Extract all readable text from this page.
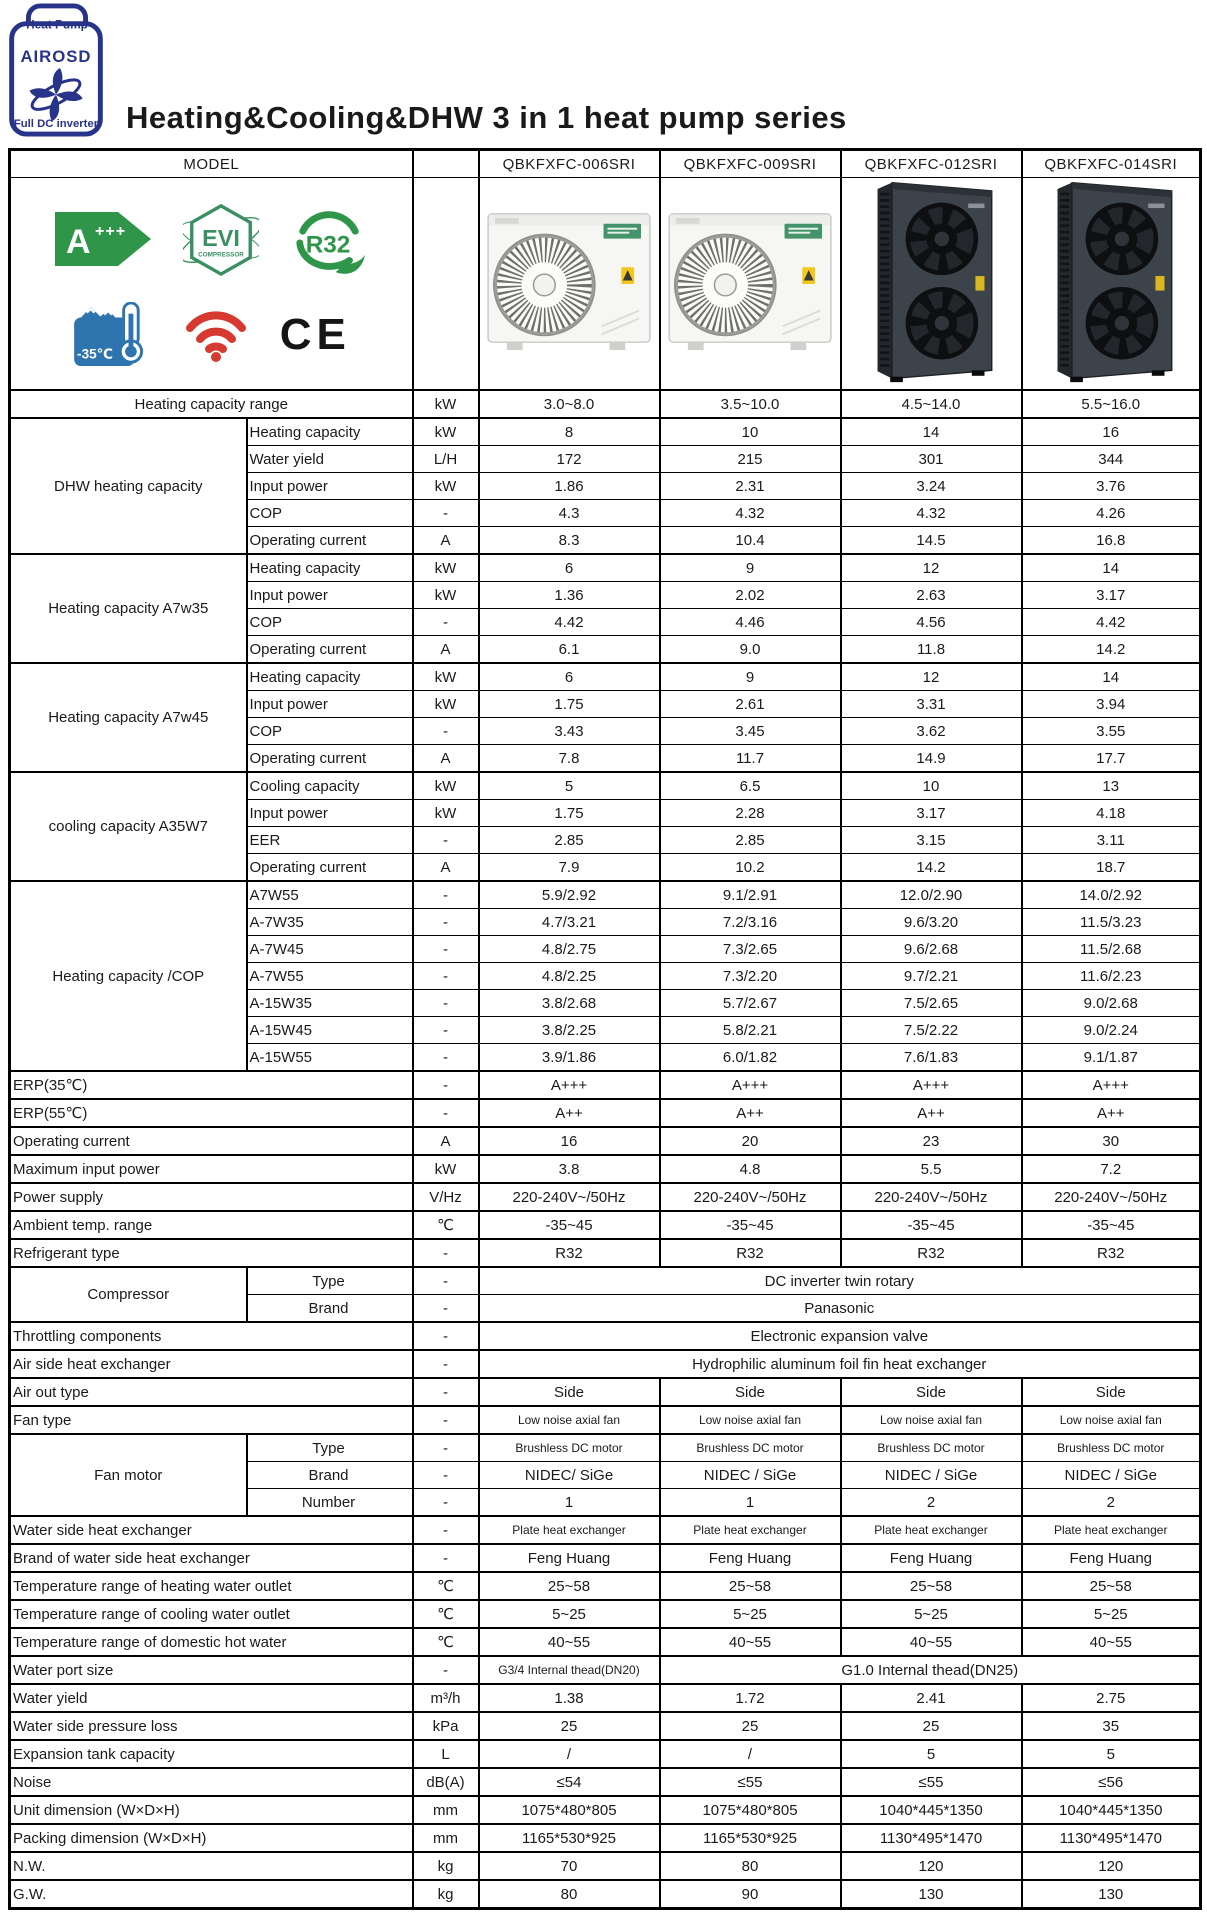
Heat Pump
AIROSD
Full DC inverter Heating&Cooling&DHW 3 in 1 heat pump series
MODEL			QBKFXFC-006SRI	QBKFXFC-009SRI	QBKFXFC-012SRI	QBKFXFC-014SRI

A +++	EVI
COMPRESSOR R32
-35℃	CE

Heating capacity range		kW	3.0~8.0	3.5~10.0	4.5~14.0	5.5~16.0
DHW heating capacity	Heating capacity	kW	8	10	14	16
	Water yield	L/H	172	215	301	344
	Input power	kW	1.86	2.31	3.24	3.76
	COP	-	4.3	4.32	4.32	4.26
	Operating current	A	8.3	10.4	14.5	16.8
Heating capacity A7w35	Heating capacity	kW	6	9	12	14
	Input power	kW	1.36	2.02	2.63	3.17
	COP	-	4.42	4.46	4.56	4.42
	Operating current	A	6.1	9.0	11.8	14.2
Heating capacity A7w45	Heating capacity	kW	6	9	12	14
	Input power	kW	1.75	2.61	3.31	3.94
	COP	-	3.43	3.45	3.62	3.55
	Operating current	A	7.8	11.7	14.9	17.7
cooling capacity A35W7	Cooling capacity	kW	5	6.5	10	13
	Input power	kW	1.75	2.28	3.17	4.18
	EER	-	2.85	2.85	3.15	3.11
	Operating current	A	7.9	10.2	14.2	18.7
Heating capacity /COP	A7W55	-	5.9/2.92	9.1/2.91	12.0/2.90	14.0/2.92
	A-7W35	-	4.7/3.21	7.2/3.16	9.6/3.20	11.5/3.23
	A-7W45	-	4.8/2.75	7.3/2.65	9.6/2.68	11.5/2.68
	A-7W55	-	4.8/2.25	7.3/2.20	9.7/2.21	11.6/2.23
	A-15W35	-	3.8/2.68	5.7/2.67	7.5/2.65	9.0/2.68
	A-15W45	-	3.8/2.25	5.8/2.21	7.5/2.22	9.0/2.24
	A-15W55	-	3.9/1.86	6.0/1.82	7.6/1.83	9.1/1.87
ERP(35℃)		-	A+++	A+++	A+++	A+++
ERP(55℃)		-	A++	A++	A++	A++
Operating current		A	16	20	23	30
Maximum input power		kW	3.8	4.8	5.5	7.2
Power supply		V/Hz	220-240V~/50Hz	220-240V~/50Hz	220-240V~/50Hz	220-240V~/50Hz
Ambient temp. range		℃	-35~45	-35~45	-35~45	-35~45
Refrigerant type		-	R32	R32	R32	R32
Compressor	Type	-	DC inverter twin rotary			
	Brand	-	Panasonic			
Throttling components		-	Electronic expansion valve			
Air side heat exchanger		-	Hydrophilic aluminum foil fin heat exchanger			
Air out type		-	Side	Side	Side	Side
Fan type		-	Low noise axial fan	Low noise axial fan	Low noise axial fan	Low noise axial fan
Fan motor	Type	-	Brushless DC motor	Brushless DC motor	Brushless DC motor	Brushless DC motor
	Brand	-	NIDEC/ SiGe	NIDEC / SiGe	NIDEC / SiGe	NIDEC / SiGe
	Number	-	1	1	2	2
Water side heat exchanger		-	Plate heat exchanger	Plate heat exchanger	Plate heat exchanger	Plate heat exchanger
Brand of water side heat exchanger		-	Feng Huang	Feng Huang	Feng Huang	Feng Huang
Temperature range of heating water outlet		℃	25~58	25~58	25~58	25~58
Temperature range of cooling water outlet		℃	5~25	5~25	5~25	5~25
Temperature range of domestic hot water		℃	40~55	40~55	40~55	40~55
Water port size		-	G3/4 Internal thead(DN20)	G1.0 Internal thead(DN25)		
Water yield		m³/h	1.38	1.72	2.41	2.75
Water side pressure loss		kPa	25	25	25	35
Expansion tank capacity		L	/	/	5	5
Noise		dB(A)	≤54	≤55	≤55	≤56
Unit dimension (W×D×H)		mm	1075*480*805	1075*480*805	1040*445*1350	1040*445*1350
Packing dimension (W×D×H)		mm	1165*530*925	1165*530*925	1130*495*1470	1130*495*1470
N.W.		kg	70	80	120	120
G.W.		kg	80	90	130	130
